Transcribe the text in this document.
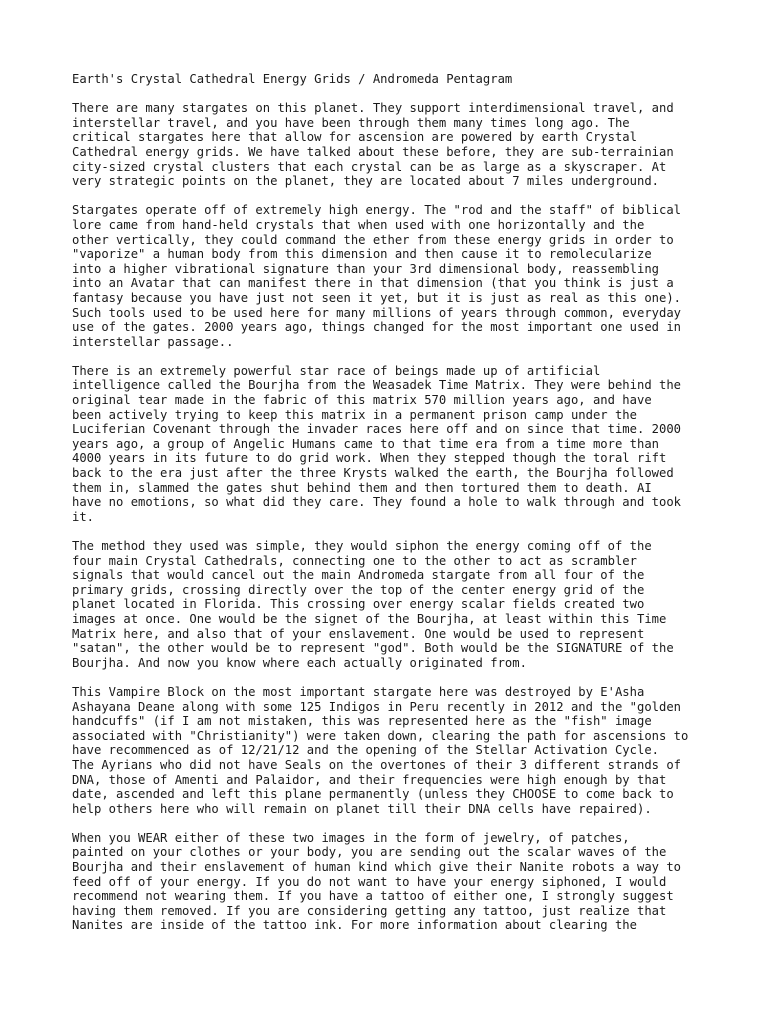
Earth's Crystal Cathedral Energy Grids / Andromeda Pentagram
There are many stargates on this planet. They support interdimensional travel, and
interstellar travel, and you have been through them many times long ago. The
critical stargates here that allow for ascension are powered by earth Crystal
Cathedral energy grids. We have talked about these before, they are sub-terrainian
city-sized crystal clusters that each crystal can be as large as a skyscraper. At
very strategic points on the planet, they are located about 7 miles underground.
Stargates operate off of extremely high energy. The "rod and the staff" of biblical
lore came from hand-held crystals that when used with one horizontally and the
other vertically, they could command the ether from these energy grids in order to
"vaporize" a human body from this dimension and then cause it to remolecularize
into a higher vibrational signature than your 3rd dimensional body, reassembling
into an Avatar that can manifest there in that dimension (that you think is just a
fantasy because you have just not seen it yet, but it is just as real as this one).
Such tools used to be used here for many millions of years through common, everyday
use of the gates. 2000 years ago, things changed for the most important one used in
interstellar passage..
There is an extremely powerful star race of beings made up of artificial
intelligence called the Bourjha from the Weasadek Time Matrix. They were behind the
original tear made in the fabric of this matrix 570 million years ago, and have
been actively trying to keep this matrix in a permanent prison camp under the
Luciferian Covenant through the invader races here off and on since that time. 2000
years ago, a group of Angelic Humans came to that time era from a time more than
4000 years in its future to do grid work. When they stepped though the toral rift
back to the era just after the three Krysts walked the earth, the Bourjha followed
them in, slammed the gates shut behind them and then tortured them to death. AI
have no emotions, so what did they care. They found a hole to walk through and took
it.
The method they used was simple, they would siphon the energy coming off of the
four main Crystal Cathedrals, connecting one to the other to act as scrambler
signals that would cancel out the main Andromeda stargate from all four of the
primary grids, crossing directly over the top of the center energy grid of the
planet located in Florida. This crossing over energy scalar fields created two
images at once. One would be the signet of the Bourjha, at least within this Time
Matrix here, and also that of your enslavement. One would be used to represent
"satan", the other would be to represent "god". Both would be the SIGNATURE of the
Bourjha. And now you know where each actually originated from.
This Vampire Block on the most important stargate here was destroyed by E'Asha
Ashayana Deane along with some 125 Indigos in Peru recently in 2012 and the "golden
handcuffs" (if I am not mistaken, this was represented here as the "fish" image
associated with "Christianity") were taken down, clearing the path for ascensions to
have recommenced as of 12/21/12 and the opening of the Stellar Activation Cycle.
The Ayrians who did not have Seals on the overtones of their 3 different strands of
DNA, those of Amenti and Palaidor, and their frequencies were high enough by that
date, ascended and left this plane permanently (unless they CHOOSE to come back to
help others here who will remain on planet till their DNA cells have repaired).
When you WEAR either of these two images in the form of jewelry, of patches,
painted on your clothes or your body, you are sending out the scalar waves of the
Bourjha and their enslavement of human kind which give their Nanite robots a way to
feed off of your energy. If you do not want to have your energy siphoned, I would
recommend not wearing them. If you have a tattoo of either one, I strongly suggest
having them removed. If you are considering getting any tattoo, just realize that
Nanites are inside of the tattoo ink. For more information about clearing the
